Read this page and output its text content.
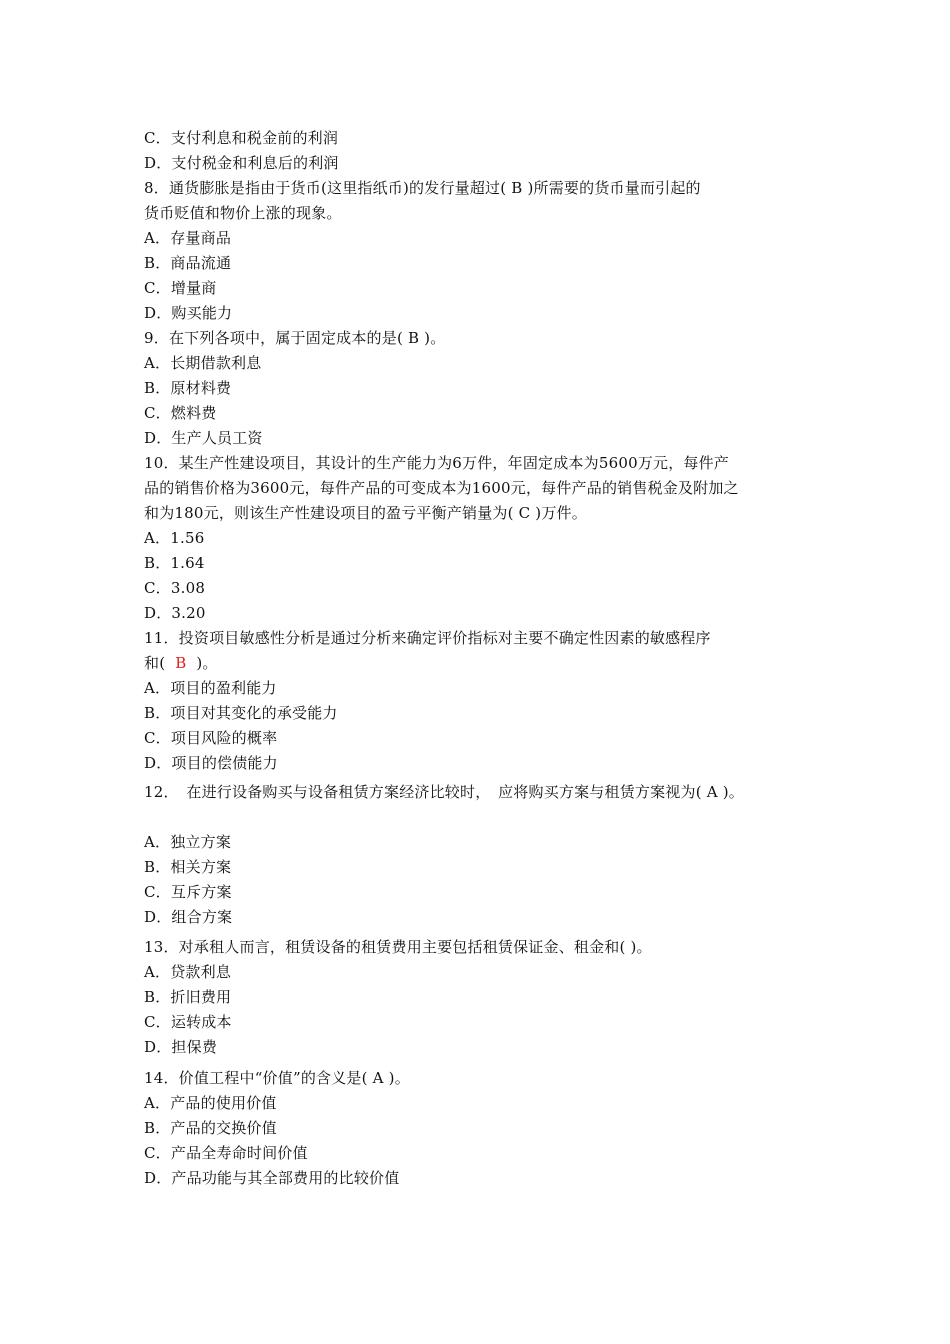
C．支付利息和税金前的利润
D．支付税金和利息后的利润
8．通货膨胀是指由于货币(这里指纸币)的发行量超过( B )所需要的货币量而引起的
货币贬值和物价上涨的现象。
A．存量商品
B．商品流通
C．增量商
D．购买能力
9．在下列各项中，属于固定成本的是( B )。
A．长期借款利息
B．原材料费
C．燃料费
D．生产人员工资
10．某生产性建设项目，其设计的生产能力为6万件，年固定成本为5600万元，每件产
品的销售价格为3600元，每件产品的可变成本为1600元，每件产品的销售税金及附加之
和为180元，则该生产性建设项目的盈亏平衡产销量为( C )万件。
A．1.56
B．1.64
C．3.08
D．3.20
11．投资项目敏感性分析是通过分析来确定评价指标对主要不确定性因素的敏感程序
和( B )。
A．项目的盈利能力
B．项目对其变化的承受能力
C．项目风险的概率
D．项目的偿债能力
12．　在进行设备购买与设备租赁方案经济比较时，　应将购买方案与租赁方案视为( A )。
A．独立方案
B．相关方案
C．互斥方案
D．组合方案
13．对承租人而言，租赁设备的租赁费用主要包括租赁保证金、租金和( )。
A．贷款利息
B．折旧费用
C．运转成本
D．担保费
14．价值工程中“价值”的含义是( A )。
A．产品的使用价值
B．产品的交换价值
C．产品全寿命时间价值
D．产品功能与其全部费用的比较价值
